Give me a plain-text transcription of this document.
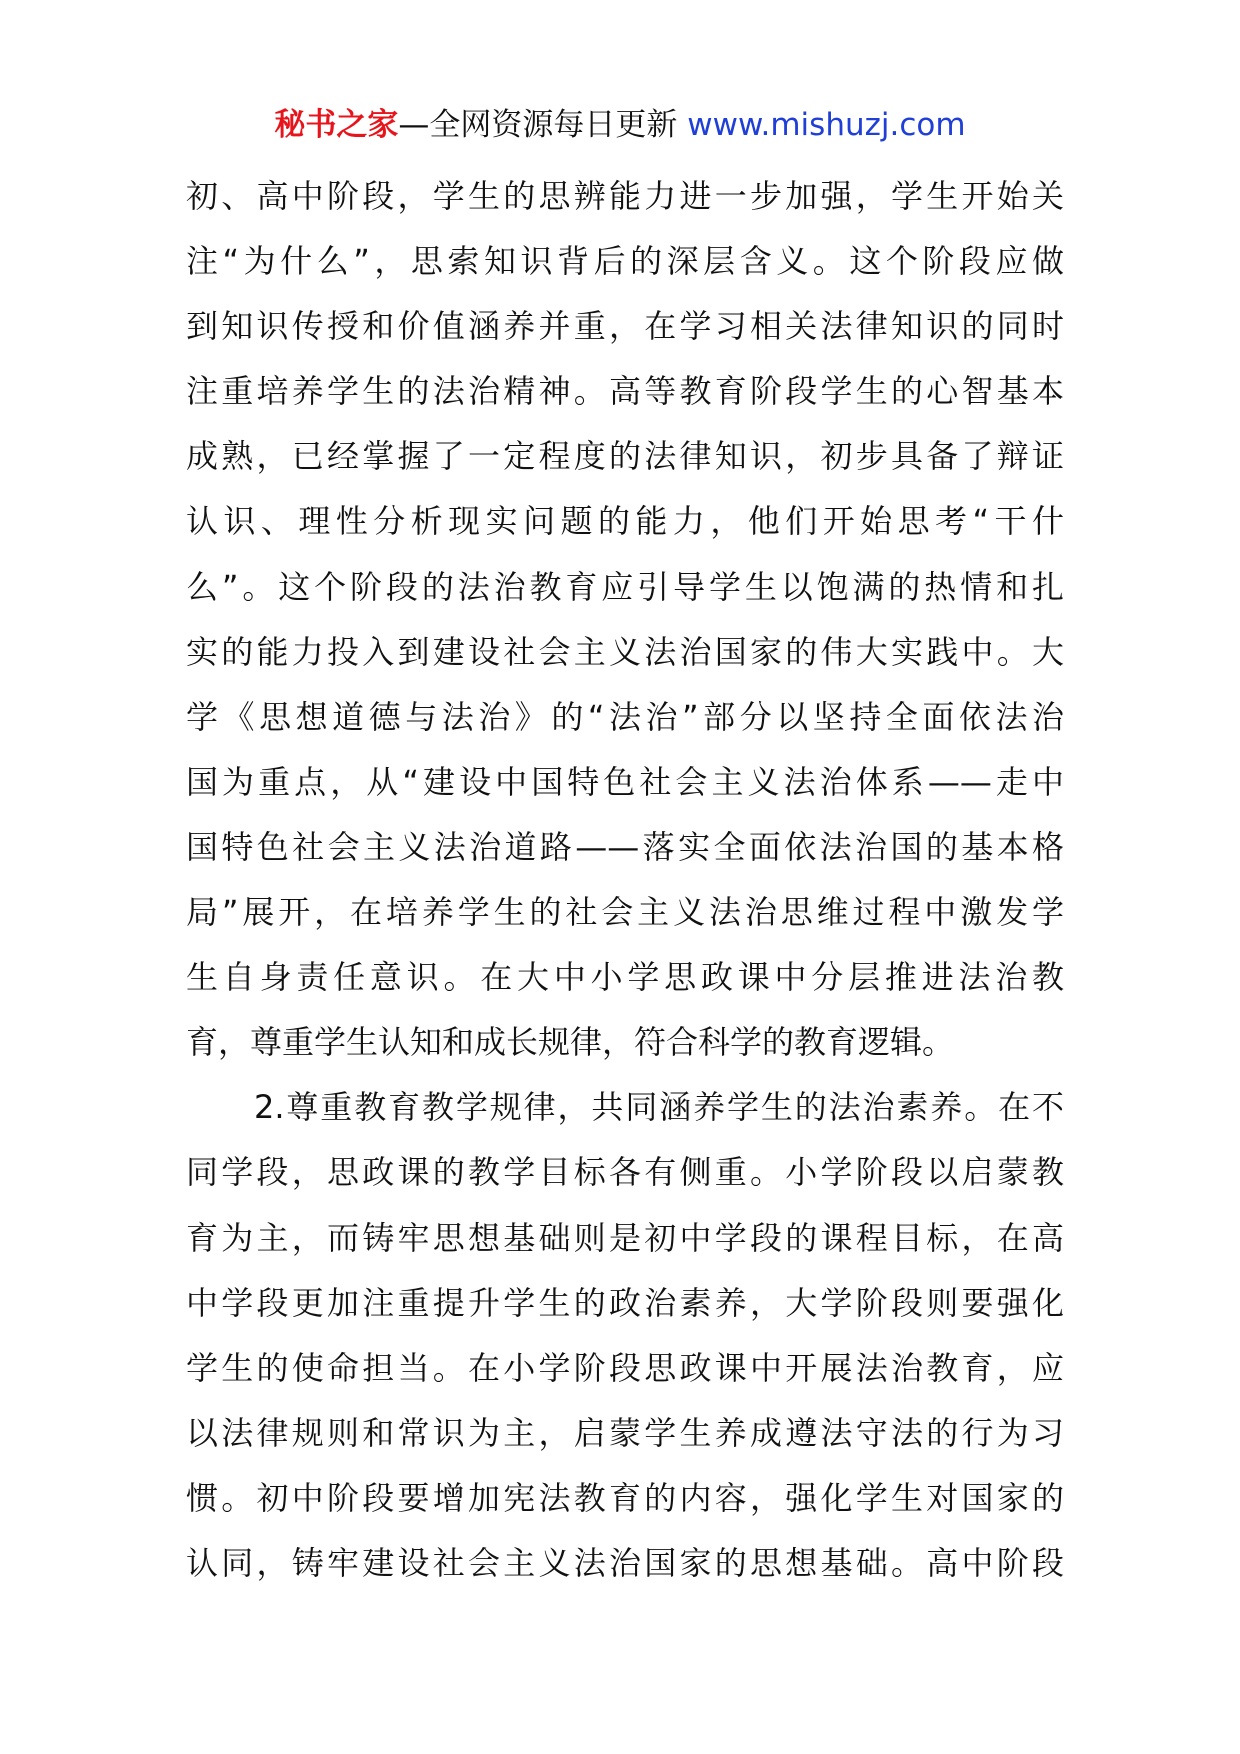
秘书之家—全网资源每日更新 www.mishuzj.com
初、高中阶段，学生的思辨能力进一步加强，学生开始关
注“为什么”，思索知识背后的深层含义。这个阶段应做
到知识传授和价值涵养并重，在学习相关法律知识的同时
注重培养学生的法治精神。高等教育阶段学生的心智基本
成熟，已经掌握了一定程度的法律知识，初步具备了辩证
认识、理性分析现实问题的能力，他们开始思考“干什
么”。这个阶段的法治教育应引导学生以饱满的热情和扎
实的能力投入到建设社会主义法治国家的伟大实践中。大
学《思想道德与法治》的“法治”部分以坚持全面依法治
国为重点，从“建设中国特色社会主义法治体系——走中
国特色社会主义法治道路——落实全面依法治国的基本格
局”展开，在培养学生的社会主义法治思维过程中激发学
生自身责任意识。在大中小学思政课中分层推进法治教
育，尊重学生认知和成长规律，符合科学的教育逻辑。
2.尊重教育教学规律，共同涵养学生的法治素养。在不
同学段，思政课的教学目标各有侧重。小学阶段以启蒙教
育为主，而铸牢思想基础则是初中学段的课程目标，在高
中学段更加注重提升学生的政治素养，大学阶段则要强化
学生的使命担当。在小学阶段思政课中开展法治教育，应
以法律规则和常识为主，启蒙学生养成遵法守法的行为习
惯。初中阶段要增加宪法教育的内容，强化学生对国家的
认同，铸牢建设社会主义法治国家的思想基础。高中阶段
